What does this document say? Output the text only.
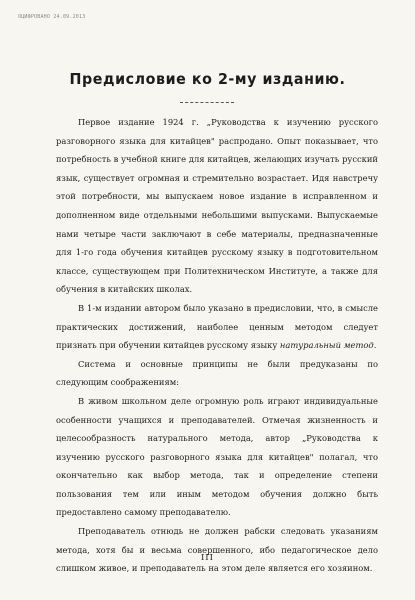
ОЦИФРОВАНО 24.09.2013
Предисловие ко 2-му изданию.

Первое издание 1924 г. „Руководства к изучению русского разговорного языка для китайцев" распродано. Опыт показывает, что потребность в учебной книге для китайцев, желающих изучать русский язык, существует огромная и стремительно возрастает. Идя навстречу этой потребности, мы выпускаем новое издание в исправленном и дополненном виде отдельными небольшими выпусками. Выпускаемые нами четыре части заключают в себе материалы, предназначенные для 1-го года обучения китайцев русскому языку в подготовительном классе, существующем при Политехническом Институте, а также для обучения в китайских школах.

В 1-м издании автором было указано в предисловии, что, в смысле практических достижений, наиболее ценным методом следует признать при обучении китайцев русскому языку натуральный метод.

Система и основные принципы не были предуказаны по следующим соображениям:

В живом школьном деле огромную роль играют индивидуальные особенности учащихся и преподавателей. Отмечая жизненность и целесообразность натурального метода, автор „Руководства к изучению русского разговорного языка для китайцев" полагал, что окончательно как выбор метода, так и определение степени пользования тем или иным методом обучения должно быть предоставлено самому преподавателю.

Преподаватель отнюдь не должен рабски следовать указаниям метода, хотя бы и весьма совершенного, ибо педагогическое дело слишком живое, и преподаватель на этом деле является его хозяином.

III
